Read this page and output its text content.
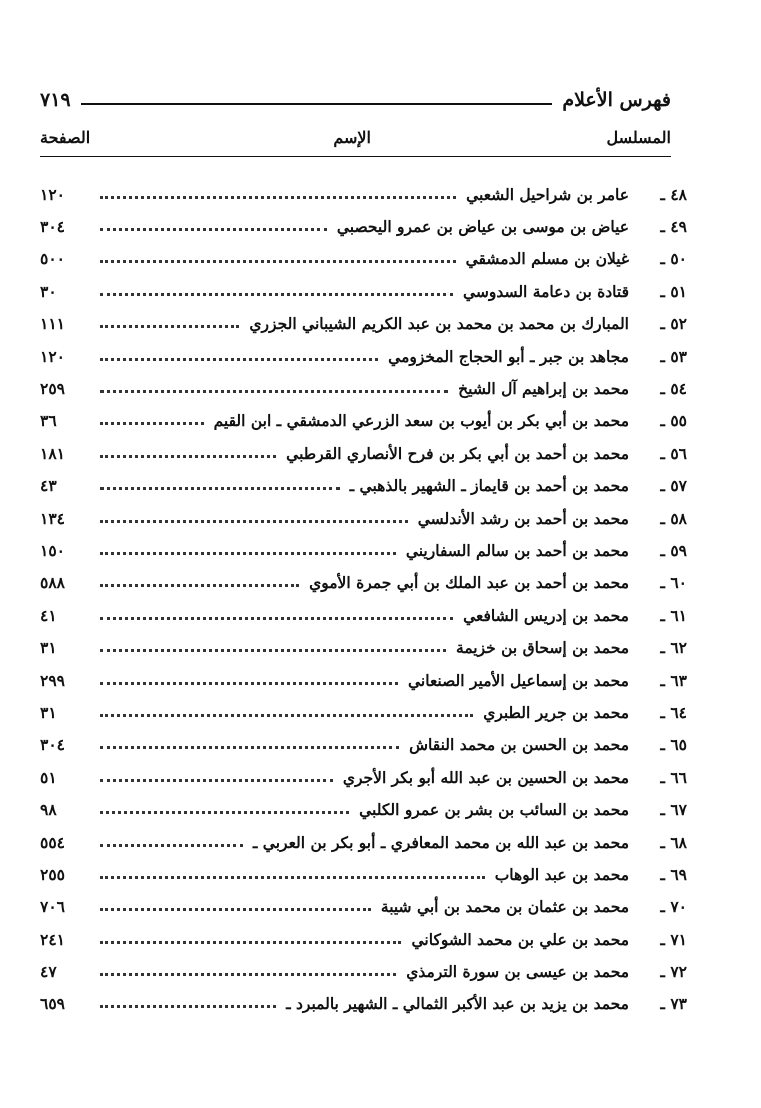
فهرس الأعلام
٧١٩
المسلسل
الإسم
الصفحة
٤٨ ـ
عامر بن شراحيل الشعبي
١٢٠
٤٩ ـ
عياض بن موسى بن عياض بن عمرو اليحصبي
٣٠٤
٥٠ ـ
غيلان بن مسلم الدمشقي
٥٠٠
٥١ ـ
قتادة بن دعامة السدوسي
٣٠
٥٢ ـ
المبارك بن محمد بن محمد بن عبد الكريم الشيباني الجزري
١١١
٥٣ ـ
مجاهد بن جبر ـ أبو الحجاج المخزومي
١٢٠
٥٤ ـ
محمد بن إبراهيم آل الشيخ
٢٥٩
٥٥ ـ
محمد بن أبي بكر بن أيوب بن سعد الزرعي الدمشقي ـ ابن القيم
٣٦
٥٦ ـ
محمد بن أحمد بن أبي بكر بن فرح الأنصاري القرطبي
١٨١
٥٧ ـ
محمد بن أحمد بن قايماز ـ الشهير بالذهبي ـ
٤٣
٥٨ ـ
محمد بن أحمد بن رشد الأندلسي
١٣٤
٥٩ ـ
محمد بن أحمد بن سالم السفاريني
١٥٠
٦٠ ـ
محمد بن أحمد بن عبد الملك بن أبي جمرة الأموي
٥٨٨
٦١ ـ
محمد بن إدريس الشافعي
٤١
٦٢ ـ
محمد بن إسحاق بن خزيمة
٣١
٦٣ ـ
محمد بن إسماعيل الأمير الصنعاني
٢٩٩
٦٤ ـ
محمد بن جرير الطبري
٣١
٦٥ ـ
محمد بن الحسن بن محمد النقاش
٣٠٤
٦٦ ـ
محمد بن الحسين بن عبد الله أبو بكر الأجري
٥١
٦٧ ـ
محمد بن السائب بن بشر بن عمرو الكلبي
٩٨
٦٨ ـ
محمد بن عبد الله بن محمد المعافري ـ أبو بكر بن العربي ـ
٥٥٤
٦٩ ـ
محمد بن عبد الوهاب
٢٥٥
٧٠ ـ
محمد بن عثمان بن محمد بن أبي شيبة
٧٠٦
٧١ ـ
محمد بن علي بن محمد الشوكاني
٢٤١
٧٢ ـ
محمد بن عيسى بن سورة الترمذي
٤٧
٧٣ ـ
محمد بن يزيد بن عبد الأكبر الثمالي ـ الشهير بالمبرد ـ
٦٥٩
